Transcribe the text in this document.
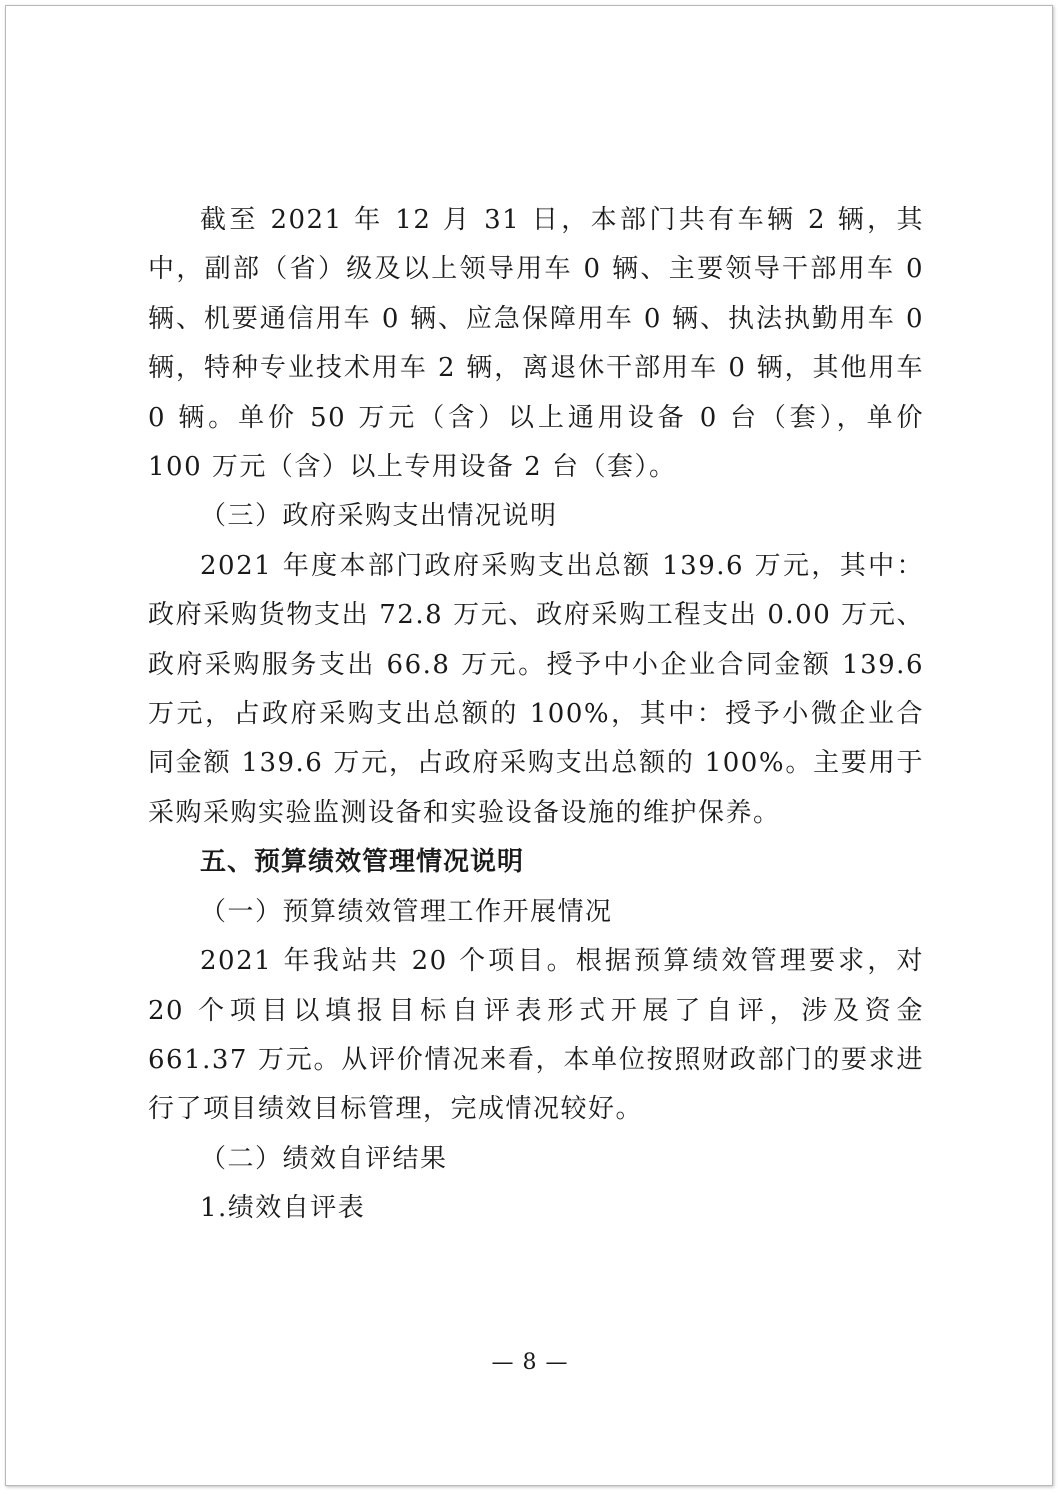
截至 2021 年 12 月 31 日，本部门共有车辆 2 辆，其中，副部（省）级及以上领导用车 0 辆、主要领导干部用车 0 辆、机要通信用车 0 辆、应急保障用车 0 辆、执法执勤用车 0 辆，特种专业技术用车 2 辆，离退休干部用车 0 辆，其他用车 0 辆。单价 50 万元（含）以上通用设备 0 台（套），单价 100 万元（含）以上专用设备 2 台（套）。

（三）政府采购支出情况说明

2021 年度本部门政府采购支出总额 139.6 万元，其中：政府采购货物支出 72.8 万元、政府采购工程支出 0.00 万元、政府采购服务支出 66.8 万元。授予中小企业合同金额 139.6 万元，占政府采购支出总额的 100%，其中：授予小微企业合同金额 139.6 万元，占政府采购支出总额的 100%。主要用于采购采购实验监测设备和实验设备设施的维护保养。

五、预算绩效管理情况说明

（一）预算绩效管理工作开展情况

2021 年我站共 20 个项目。根据预算绩效管理要求，对 20 个项目以填报目标自评表形式开展了自评，涉及资金 661.37 万元。从评价情况来看，本单位按照财政部门的要求进行了项目绩效目标管理，完成情况较好。

（二）绩效自评结果

1.绩效自评表

— 8 —
